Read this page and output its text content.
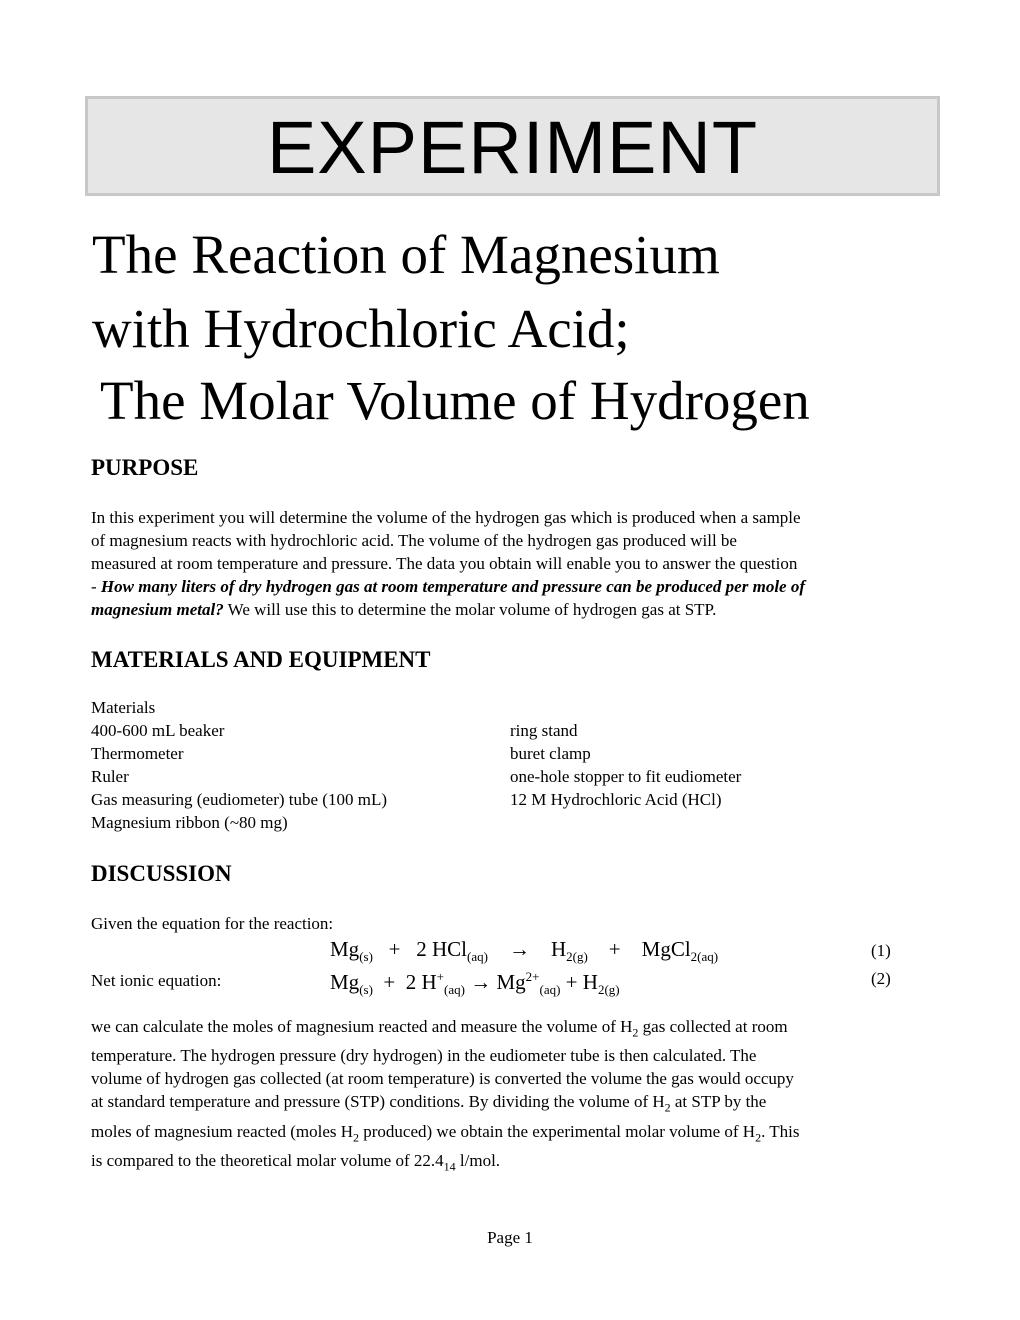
EXPERIMENT
The Reaction of Magnesium
with Hydrochloric Acid;
The Molar Volume of Hydrogen
PURPOSE
In this experiment you will determine the volume of the hydrogen gas which is produced when a sample
of magnesium reacts with hydrochloric acid. The volume of the hydrogen gas produced will be
measured at room temperature and pressure. The data you obtain will enable you to answer the question
- How many liters of dry hydrogen gas at room temperature and pressure can be produced per mole of
magnesium metal? We will use this to determine the molar volume of hydrogen gas at STP.
MATERIALS AND EQUIPMENT
Materials
400-600 mL beaker
Thermometer
Ruler
Gas measuring (eudiometer) tube (100 mL)
Magnesium ribbon (~80 mg)
ring stand
buret clamp
one-hole stopper to fit eudiometer
12 M Hydrochloric Acid (HCl)
DISCUSSION
Given the equation for the reaction:
$Mg_{(s)} + 2$ HCl$_{(aq)}$    →    $H_{2(g)}$    +    MgCl$_{2(aq)}$	(1)
Net ionic equation:	$Mg_{(s)} + 2$ $H^+_{(aq)} \to Mg^{2+}_{(aq)} + H_{2(g)}$
(2)
we can calculate the moles of magnesium reacted and measure the volume of $H_2$ gas collected at room
temperature. The hydrogen pressure (dry hydrogen) in the eudiometer tube is then calculated. The
volume of hydrogen gas collected (at room temperature) is converted the volume the gas would occupy
at standard temperature and pressure (STP) conditions. By dividing the volume of $H_2$ at STP by the
moles of magnesium reacted (moles $H_2$ produced) we obtain the experimental molar volume of $H_2$. This
is compared to the theoretical molar volume of $22.4_{14}$ l/mol.
Page 1
